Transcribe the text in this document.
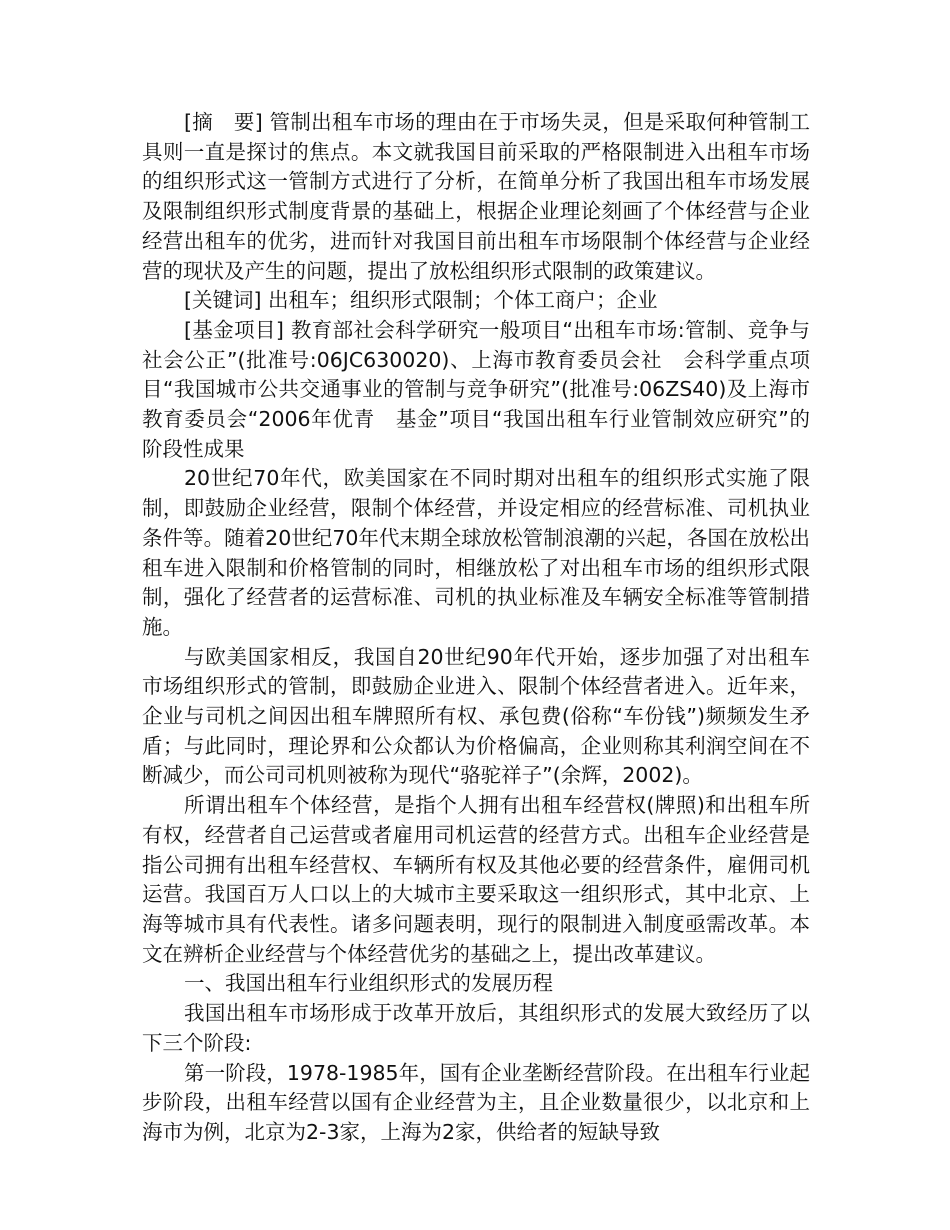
[摘　要] 管制出租车市场的理由在于市场失灵，但是采取何种管制工具则一直是探讨的焦点。本文就我国目前采取的严格限制进入出租车市场的组织形式这一管制方式进行了分析，在简单分析了我国出租车市场发展及限制组织形式制度背景的基础上，根据企业理论刻画了个体经营与企业经营出租车的优劣，进而针对我国目前出租车市场限制个体经营与企业经营的现状及产生的问题，提出了放松组织形式限制的政策建议。

[关键词] 出租车；组织形式限制；个体工商户；企业

[基金项目] 教育部社会科学研究一般项目“出租车市场:管制、竞争与社会公正”(批准号:06JC630020)、上海市教育委员会社　会科学重点项目“我国城市公共交通事业的管制与竞争研究”(批准号:06ZS40)及上海市教育委员会“2006年优青　基金”项目“我国出租车行业管制效应研究”的阶段性成果

20世纪70年代，欧美国家在不同时期对出租车的组织形式实施了限制，即鼓励企业经营，限制个体经营，并设定相应的经营标准、司机执业条件等。随着20世纪70年代末期全球放松管制浪潮的兴起，各国在放松出租车进入限制和价格管制的同时，相继放松了对出租车市场的组织形式限制，强化了经营者的运营标准、司机的执业标准及车辆安全标准等管制措施。

与欧美国家相反，我国自20世纪90年代开始，逐步加强了对出租车市场组织形式的管制，即鼓励企业进入、限制个体经营者进入。近年来，企业与司机之间因出租车牌照所有权、承包费(俗称“车份钱”)频频发生矛盾；与此同时，理论界和公众都认为价格偏高，企业则称其利润空间在不断减少，而公司司机则被称为现代“骆驼祥子”(余辉，2002)。

所谓出租车个体经营，是指个人拥有出租车经营权(牌照)和出租车所有权，经营者自己运营或者雇用司机运营的经营方式。出租车企业经营是指公司拥有出租车经营权、车辆所有权及其他必要的经营条件，雇佣司机运营。我国百万人口以上的大城市主要采取这一组织形式，其中北京、上海等城市具有代表性。诸多问题表明，现行的限制进入制度亟需改革。本文在辨析企业经营与个体经营优劣的基础之上，提出改革建议。

一、我国出租车行业组织形式的发展历程

我国出租车市场形成于改革开放后，其组织形式的发展大致经历了以下三个阶段:

第一阶段，1978-1985年，国有企业垄断经营阶段。在出租车行业起步阶段，出租车经营以国有企业经营为主，且企业数量很少，以北京和上海市为例，北京为2-3家，上海为2家，供给者的短缺导致
